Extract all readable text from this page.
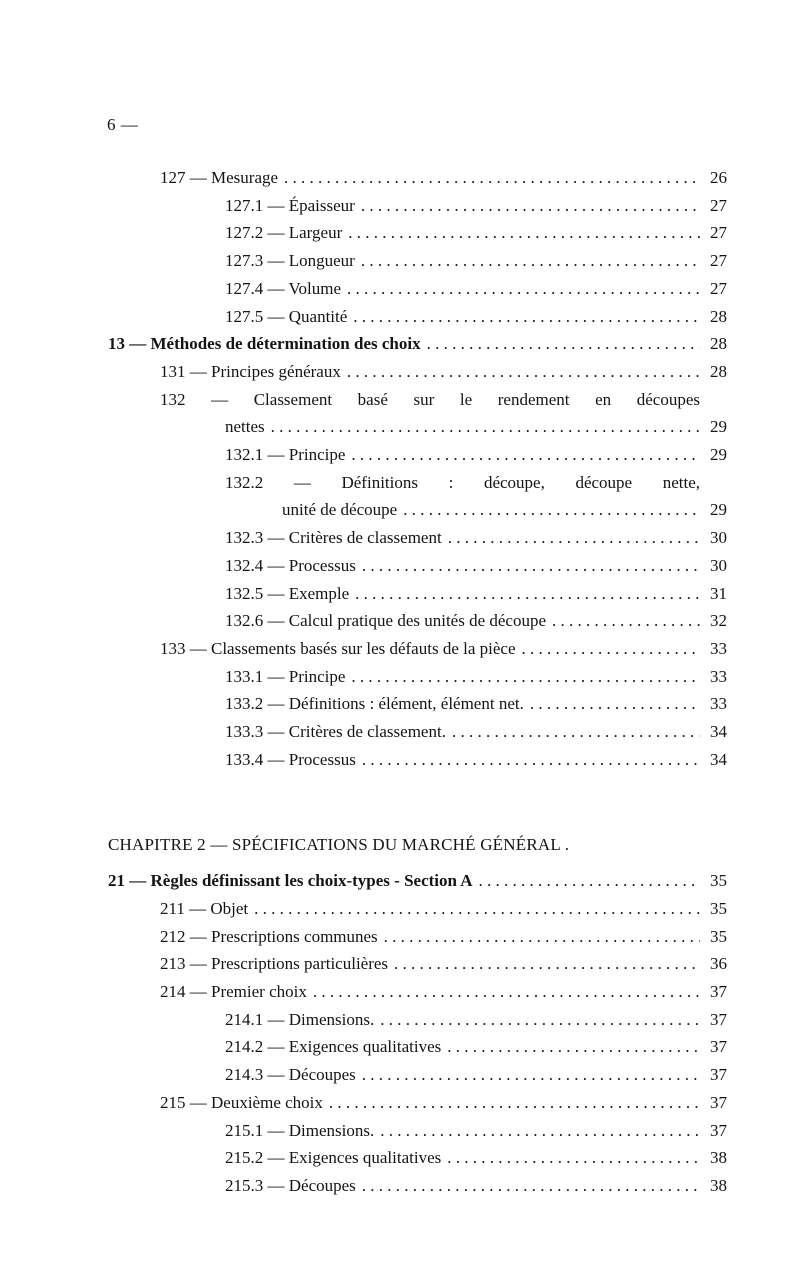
6 —
127 — Mesurage . . .	26
127.1 — Épaisseur . . .	27
127.2 — Largeur . . .	27
127.3 — Longueur . . .	27
127.4 — Volume . . .	27
127.5 — Quantité . . .	28
13 — Méthodes de détermination des choix . . .	28
131 — Principes généraux . . .	28
132 — Classement basé sur le rendement en découpes
nettes . . .	29
132.1 — Principe . . .	29
132.2 — Définitions : découpe, découpe nette,
unité de découpe . . .	29
132.3 — Critères de classement . . .	30
132.4 — Processus . . .	30
132.5 — Exemple . . .	31
132.6 — Calcul pratique des unités de découpe . . .	32
133 — Classements basés sur les défauts de la pièce . . .	33
133.1 — Principe . . .	33
133.2 — Définitions : élément, élément net. . . .	33
133.3 — Critères de classement. . . .	34
133.4 — Processus . . .	34
CHAPITRE 2 — SPÉCIFICATIONS DU MARCHÉ GÉNÉRAL .
21 — Règles définissant les choix-types - Section A . . .	35
211 — Objet . . .	35
212 — Prescriptions communes . . .	35
213 — Prescriptions particulières . . .	36
214 — Premier choix . . .	37
214.1 — Dimensions. . . .	37
214.2 — Exigences qualitatives . . .	37
214.3 — Découpes . . .	37
215 — Deuxième choix . . .	37
215.1 — Dimensions. . . .	37
215.2 — Exigences qualitatives . . .	38
215.3 — Découpes . . .	38
